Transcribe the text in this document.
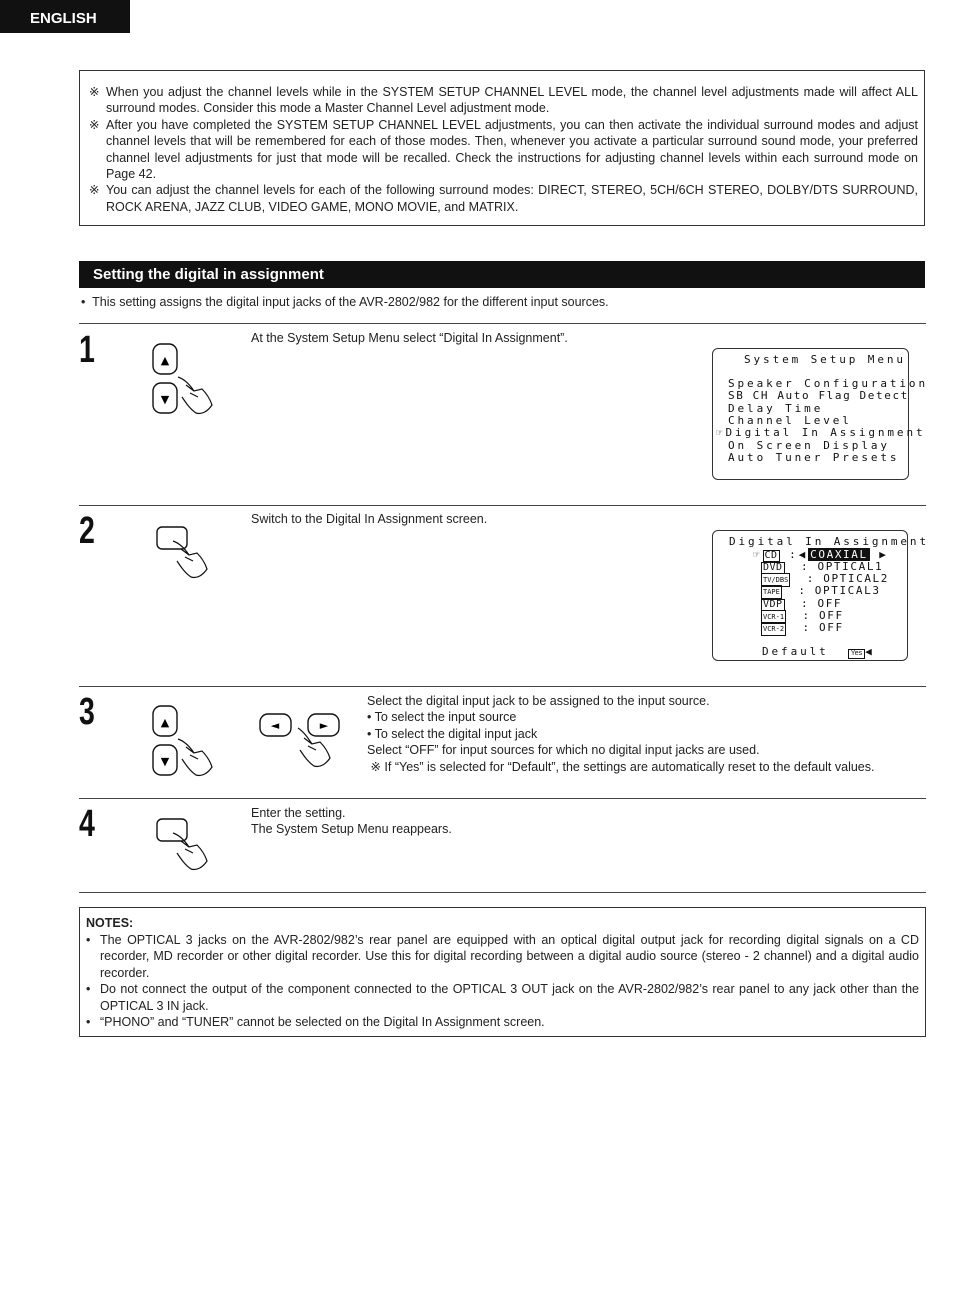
ENGLISH

※ When you adjust the channel levels while in the SYSTEM SETUP CHANNEL LEVEL mode, the channel level adjustments made will affect ALL surround modes. Consider this mode a Master Channel Level adjustment mode.

※ After you have completed the SYSTEM SETUP CHANNEL LEVEL adjustments, you can then activate the individual surround modes and adjust channel levels that will be remembered for each of those modes. Then, whenever you activate a particular surround sound mode, your preferred channel level adjustments for just that mode will be recalled. Check the instructions for adjusting channel levels within each surround mode on Page 42.

※ You can adjust the channel levels for each of the following surround modes: DIRECT, STEREO, 5CH/6CH STEREO, DOLBY/DTS SURROUND, ROCK ARENA, JAZZ CLUB, VIDEO GAME, MONO MOVIE, and MATRIX.

Setting the digital in assignment
• This setting assigns the digital input jacks of the AVR-2802/982 for the different input sources.
1	▲
▼
At the System Setup Menu select “Digital In Assignment”.
System Setup Menu
Speaker Configuration
SB CH Auto Flag Detect
Delay Time
Channel Level
☞Digital In Assignment
On Screen Display
Auto Tuner Presets
2	Switch to the Digital In Assignment screen.
Digital In Assignment
☞ CD :◀ COAXIAL ▶
DVD : OPTICAL1
TV/DBS : OPTICAL2
TAPE : OPTICAL3
VDP : OFF
VCR-1 : OFF
VCR-2 : OFF
Default	Yes ◀
3	▲
▼
◄	►

Select the digital input jack to be assigned to the input source.

• To select the input source

• To select the digital input jack

Select “OFF” for input sources for which no digital input jacks are used.

※ If “Yes” is selected for “Default”, the settings are automatically reset to the default values.

4	Enter the setting.

The System Setup Menu reappears.

NOTES:

• The OPTICAL 3 jacks on the AVR-2802/982’s rear panel are equipped with an optical digital output jack for recording digital signals on a CD recorder, MD recorder or other digital recorder. Use this for digital recording between a digital audio source (stereo - 2 channel) and a digital audio recorder.

• Do not connect the output of the component connected to the OPTICAL 3 OUT jack on the AVR-2802/982’s rear panel to any jack other than the OPTICAL 3 IN jack.

• “PHONO” and “TUNER” cannot be selected on the Digital In Assignment screen.
